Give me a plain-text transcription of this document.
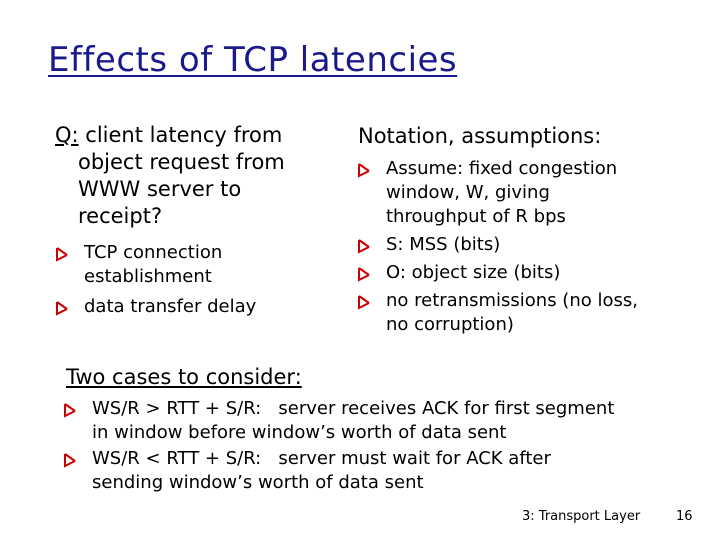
Effects of TCP latencies
Q: client latency from
object request from
WWW server to
receipt?
TCP connection
establishment
data transfer delay
Notation, assumptions:
Assume: fixed congestion
window, W, giving
throughput of R bps
S: MSS (bits)
O: object size (bits)
no retransmissions (no loss,
no corruption)
Two cases to consider:
WS/R > RTT + S/R:   server receives ACK for first segment
in window before window’s worth of data sent
WS/R < RTT + S/R:   server must wait for ACK after
sending window’s worth of data sent
3: Transport Layer	16
